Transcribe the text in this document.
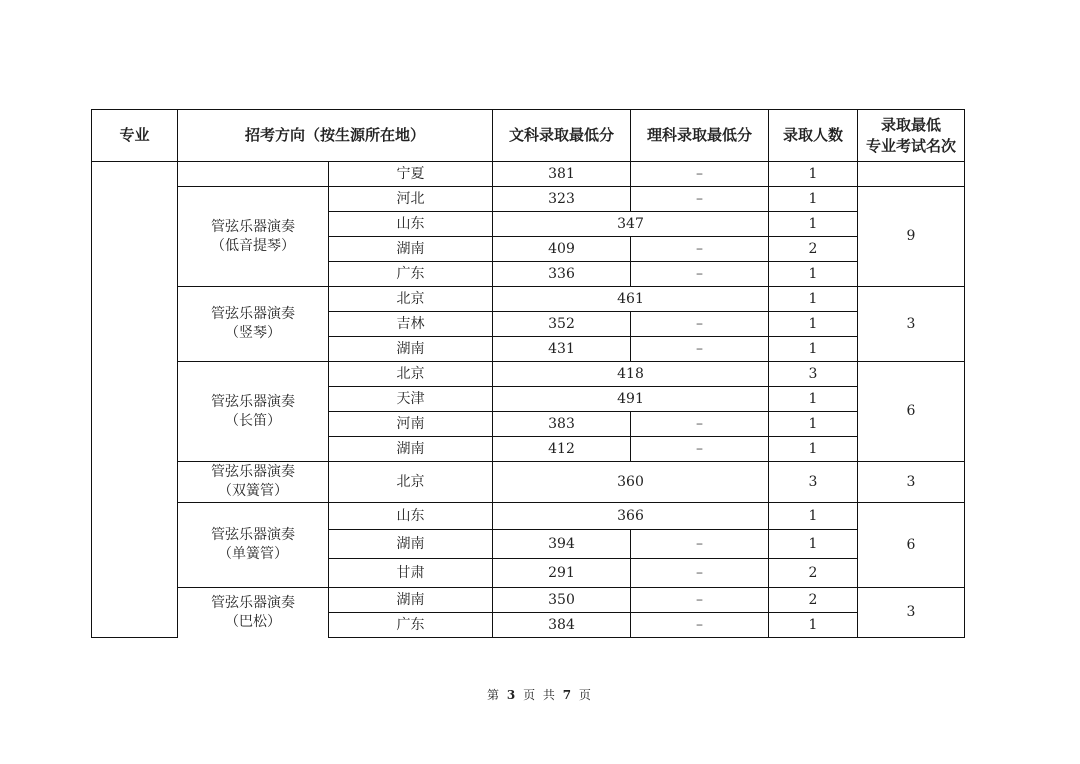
专业	招考方向（按生源所在地）		文科录取最低分	理科录取最低分	录取人数	录取最低
专业考试名次

		宁夏	381	–	1	

	管弦乐器演奏
（低音提琴）	河北	323	–	1	9
		山东	347		1	
		湖南	409	–	2	
		广东	336	–	1	

	管弦乐器演奏
（竖琴）	北京	461		1	3
		吉林	352	–	1	
		湖南	431	–	1	

	管弦乐器演奏
（长笛）	北京	418		3	6
		天津	491		1	
		河南	383	–	1	
		湖南	412	–	1	

	管弦乐器演奏
（双簧管）	北京	360		3	3

	管弦乐器演奏
（单簧管）	山东	366		1	6
		湖南	394	–	1	
		甘肃	291	–	2	

	管弦乐器演奏
（巴松）	湖南	350	–	2	3
		广东	384	–	1	
第 3 页 共 7 页
